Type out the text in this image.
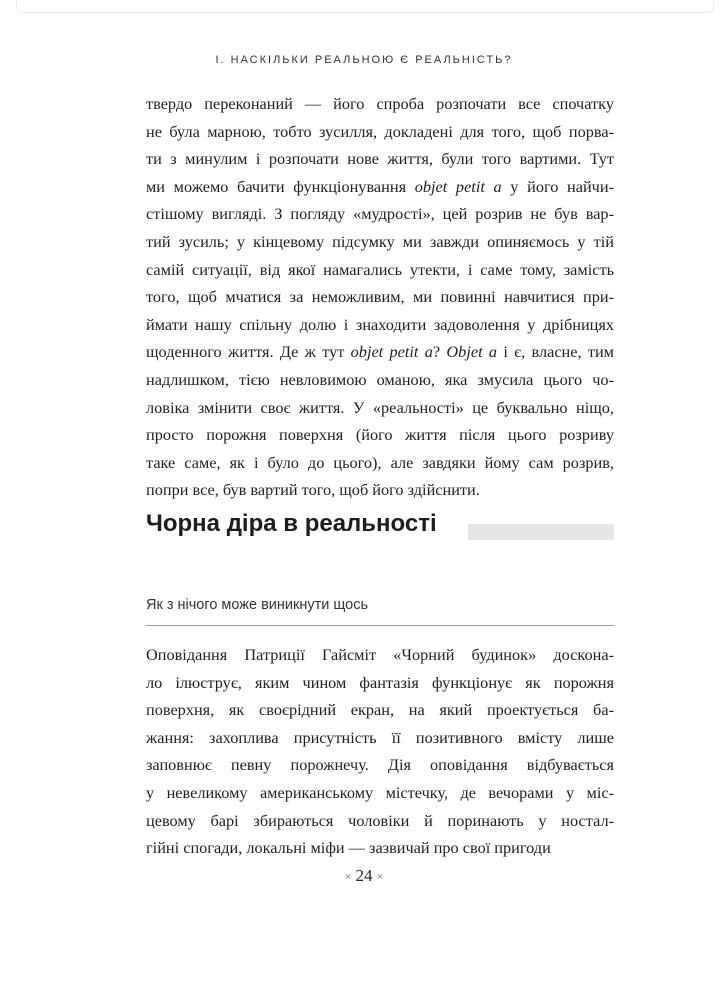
I. НАСКІЛЬКИ РЕАЛЬНОЮ Є РЕАЛЬНІСТЬ?
твердо переконаний — його спроба розпочати все спочатку
не була марною, тобто зусилля, докладені для того, щоб порва-
ти з минулим і розпочати нове життя, були того вартими. Тут
ми можемо бачити функціонування objet petit a у його найчи-
стішому вигляді. З погляду «мудрості», цей розрив не був вар-
тий зусиль; у кінцевому підсумку ми завжди опиняємось у тій
самій ситуації, від якої намагались утекти, і саме тому, замість
того, щоб мчатися за неможливим, ми повинні навчитися при-
ймати нашу спільну долю і знаходити задоволення у дрібницях
щоденного життя. Де ж тут objet petit a? Objet a і є, власне, тим
надлишком, тією невловимою оманою, яка змусила цього чо-
ловіка змінити своє життя. У «реальності» це буквально ніщо,
просто порожня поверхня (його життя після цього розриву
таке саме, як і було до цього), але завдяки йому сам розрив,
попри все, був вартий того, щоб його здійснити.
Чорна діра в реальності

Як з нічого може виникнути щось

Оповідання Патриції Гайсміт «Чорний будинок» доскона-
ло ілюструє, яким чином фантазія функціонує як порожня
поверхня, як своєрідний екран, на який проектується ба-
жання: захоплива присутність її позитивного вмісту лише
заповнює певну порожнечу. Дія оповідання відбувається
у невеликому американському містечку, де вечорами у міс-
цевому барі збираються чоловіки й поринають у ностал-
гійні спогади, локальні міфи — зазвичай про свої пригоди
× 24 ×
